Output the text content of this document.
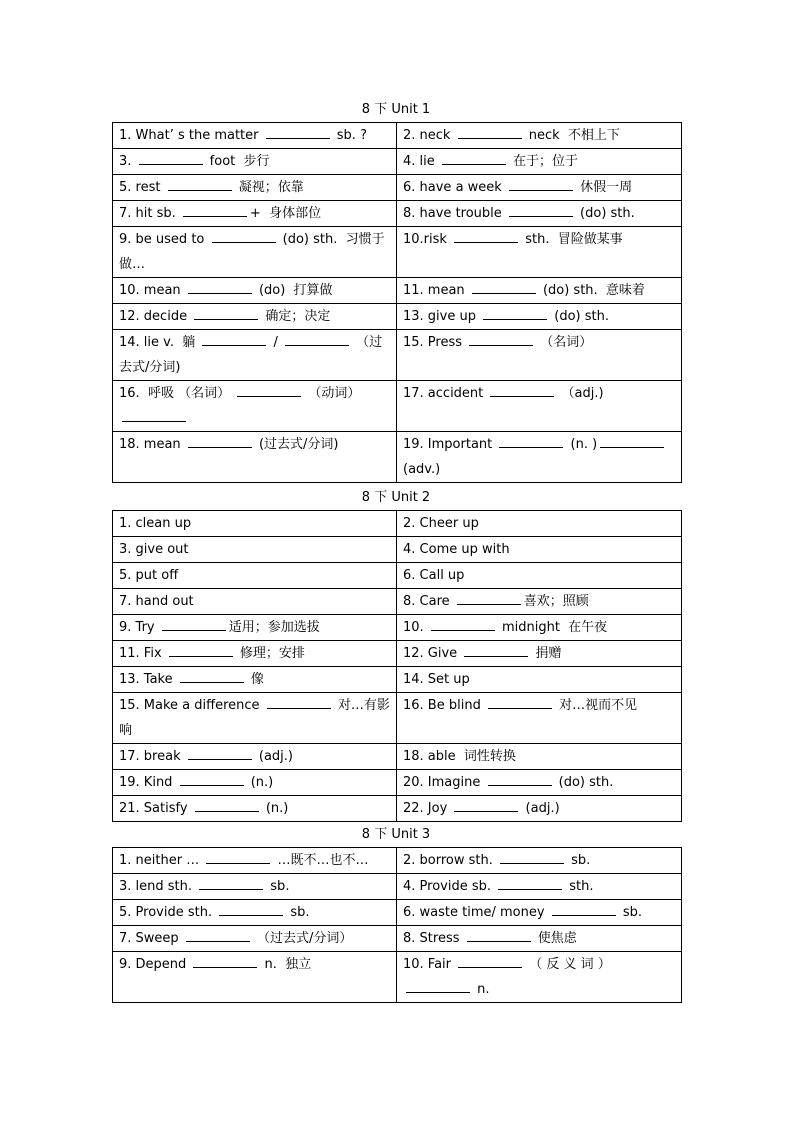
8 下 Unit 1
1. What’ s the matter sb. ?	2. neck neck  不相上下
3. foot  步行	4. lie 在于；位于
5. rest 凝视；依靠	6. have a week 休假一周
7. hit sb. +  身体部位	8. have trouble (do) sth.
9. be used to (do) sth.  习惯于做…	10.risk sth.  冒险做某事
10. mean (do)  打算做	11. mean (do) sth.  意味着
12. decide 确定；决定	13. give up (do) sth.
14. lie v.  躺 / （过去式/分词)	15. Press （名词）
16.  呼吸 （名词） （动词）	17. accident （adj.)
18. mean (过去式/分词)	19. Important (n. ) (adv.)
8 下 Unit 2
1. clean up	2. Cheer up
3. give out	4. Come up with
5. put off	6. Call up
7. hand out	8. Care 喜欢；照顾
9. Try 适用；参加选拔	10. midnight  在午夜
11. Fix 修理；安排	12. Give 捐赠
13. Take 像	14. Set up
15. Make a difference 对…有影响	16. Be blind 对…视而不见
17. break (adj.)	18. able  词性转换
19. Kind (n.)	20. Imagine (do) sth.
21. Satisfy (n.)	22. Joy (adj.)
8 下 Unit 3
1. neither … …既不…也不…	2. borrow sth. sb.
3. lend sth. sb.	4. Provide sb. sth.
5. Provide sth. sb.	6. waste time/ money sb.
7. Sweep （过去式/分词）	8. Stress 使焦虑
9. Depend n.  独立	10. Fair （ 反 义 词 ）  n.
